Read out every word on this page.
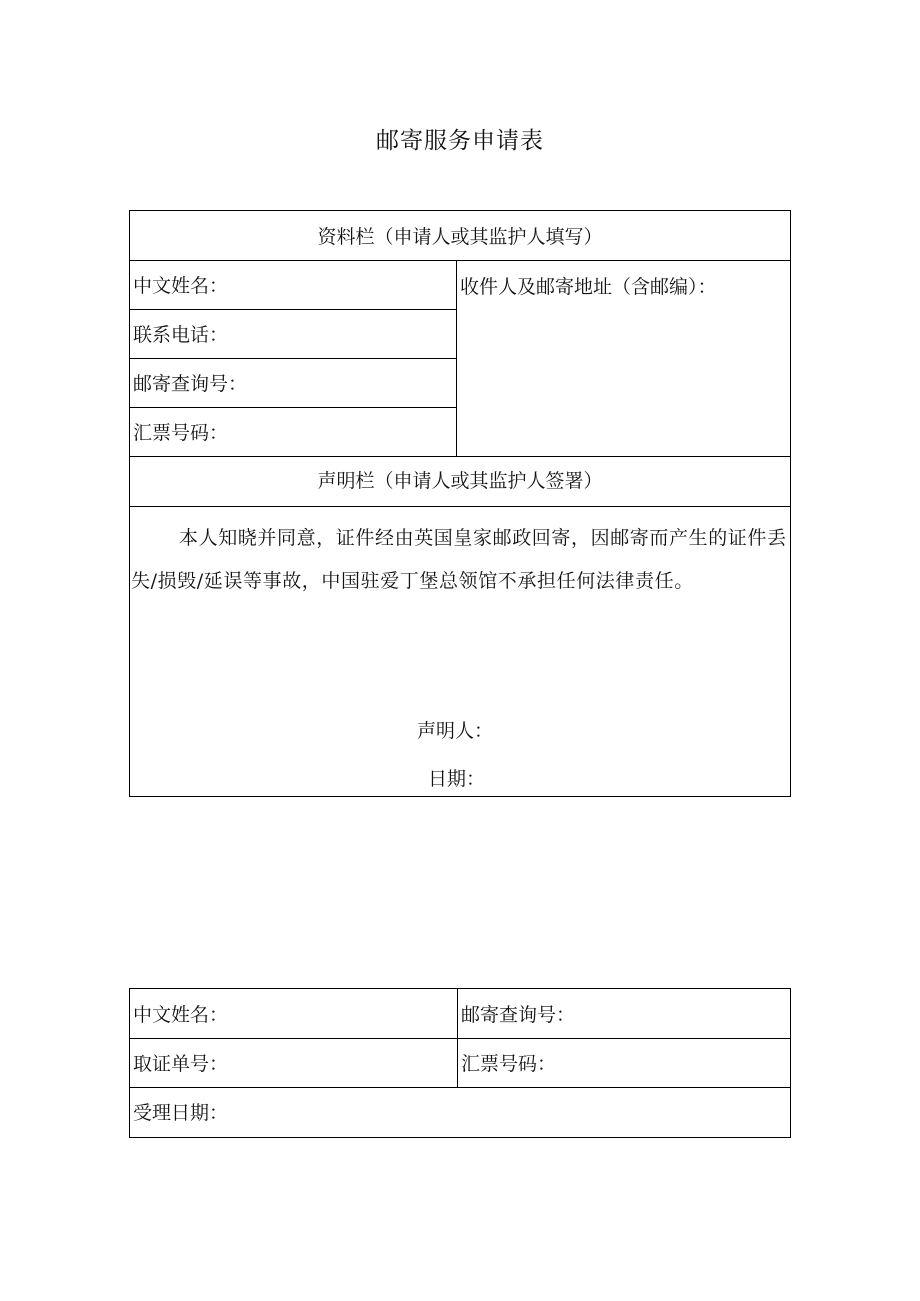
邮寄服务申请表
资料栏（申请人或其监护人填写）
中文姓名：
联系电话：
邮寄查询号：
汇票号码：
收件人及邮寄地址（含邮编）：
声明栏（申请人或其监护人签署）
本人知晓并同意，证件经由英国皇家邮政回寄，因邮寄而产生的证件丢失/损毁/延误等事故，中国驻爱丁堡总领馆不承担任何法律责任。
声明人：
日期：
中文姓名：	邮寄查询号：
取证单号：	汇票号码：
受理日期：
